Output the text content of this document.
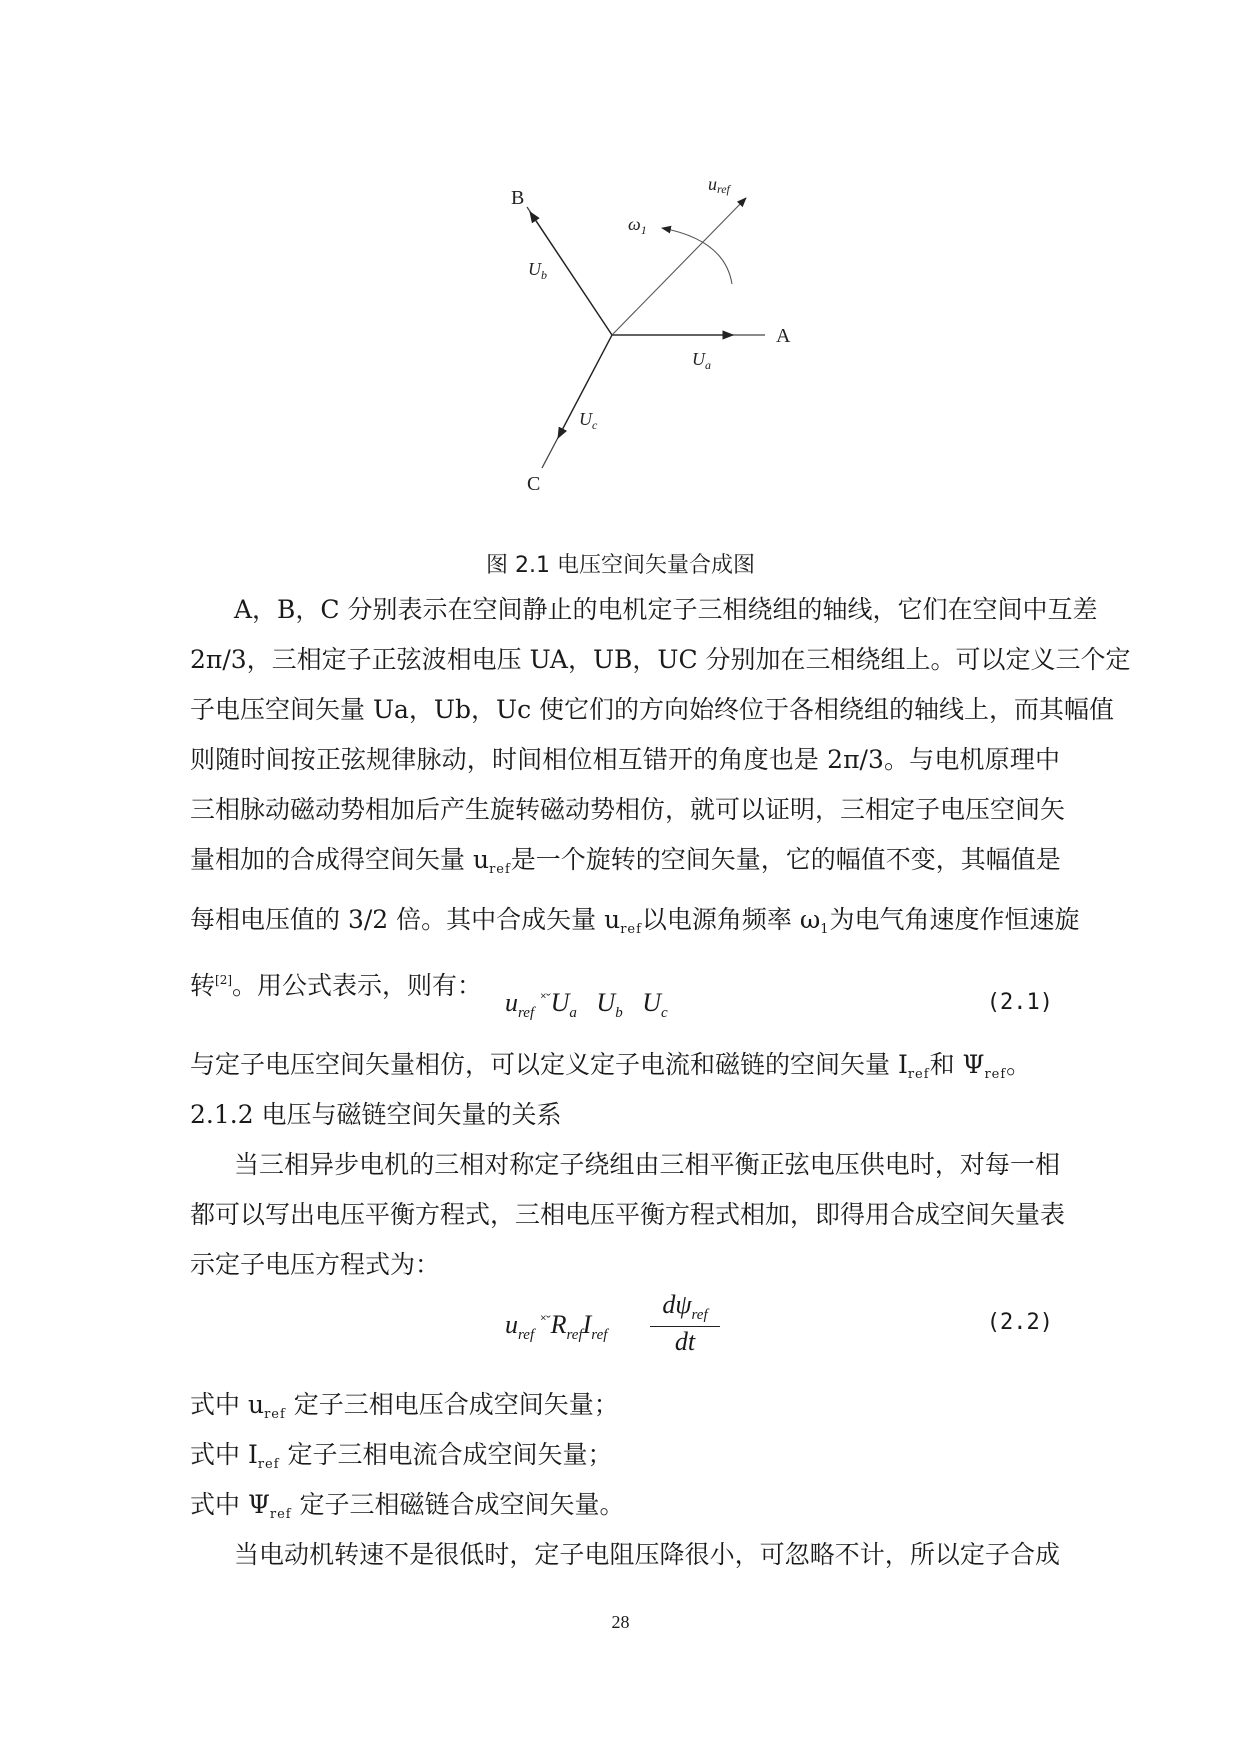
B
A
C
uref
$\omega_1$
$U_b$
$U_a$
$U_c$
图 2.1 电压空间矢量合成图
A，B，C 分别表示在空间静止的电机定子三相绕组的轴线，它们在空间中互差
2π/3，三相定子正弦波相电压 UA，UB，UC 分别加在三相绕组上。可以定义三个定
子电压空间矢量 Ua，Ub，Uc 使它们的方向始终位于各相绕组的轴线上，而其幅值
则随时间按正弦规律脉动，时间相位相互错开的角度也是 2π/3。与电机原理中
三相脉动磁动势相加后产生旋转磁动势相仿，就可以证明，三相定子电压空间矢
量相加的合成得空间矢量 $u_{ref}$是一个旋转的空间矢量，它的幅值不变，其幅值是
每相电压值的 3/2 倍。其中合成矢量 $u_{ref}$以电源角频率 $\omega_1$为电气角速度作恒速旋
转[2]。用公式表示，则有：
$u_{ref}$ $^{˟ˇ}U_a$ $U_b$ $U_c$	(2.1)
与定子电压空间矢量相仿，可以定义定子电流和磁链的空间矢量 $I_{ref}$和 $\Psi_{ref}$。
2.1.2 电压与磁链空间矢量的关系
当三相异步电机的三相对称定子绕组由三相平衡正弦电压供电时，对每一相
都可以写出电压平衡方程式，三相电压平衡方程式相加，即得用合成空间矢量表
示定子电压方程式为：
$u_{ref}$ $^{˟ˇ}R_{ref}I_{ref}$
$d\psi_{ref}$
dt
(2.2)
式中 $u_{ref}$ 定子三相电压合成空间矢量；
式中 $I_{ref}$ 定子三相电流合成空间矢量；
式中 $\Psi_{ref}$ 定子三相磁链合成空间矢量。
当电动机转速不是很低时，定子电阻压降很小，可忽略不计，所以定子合成
28
